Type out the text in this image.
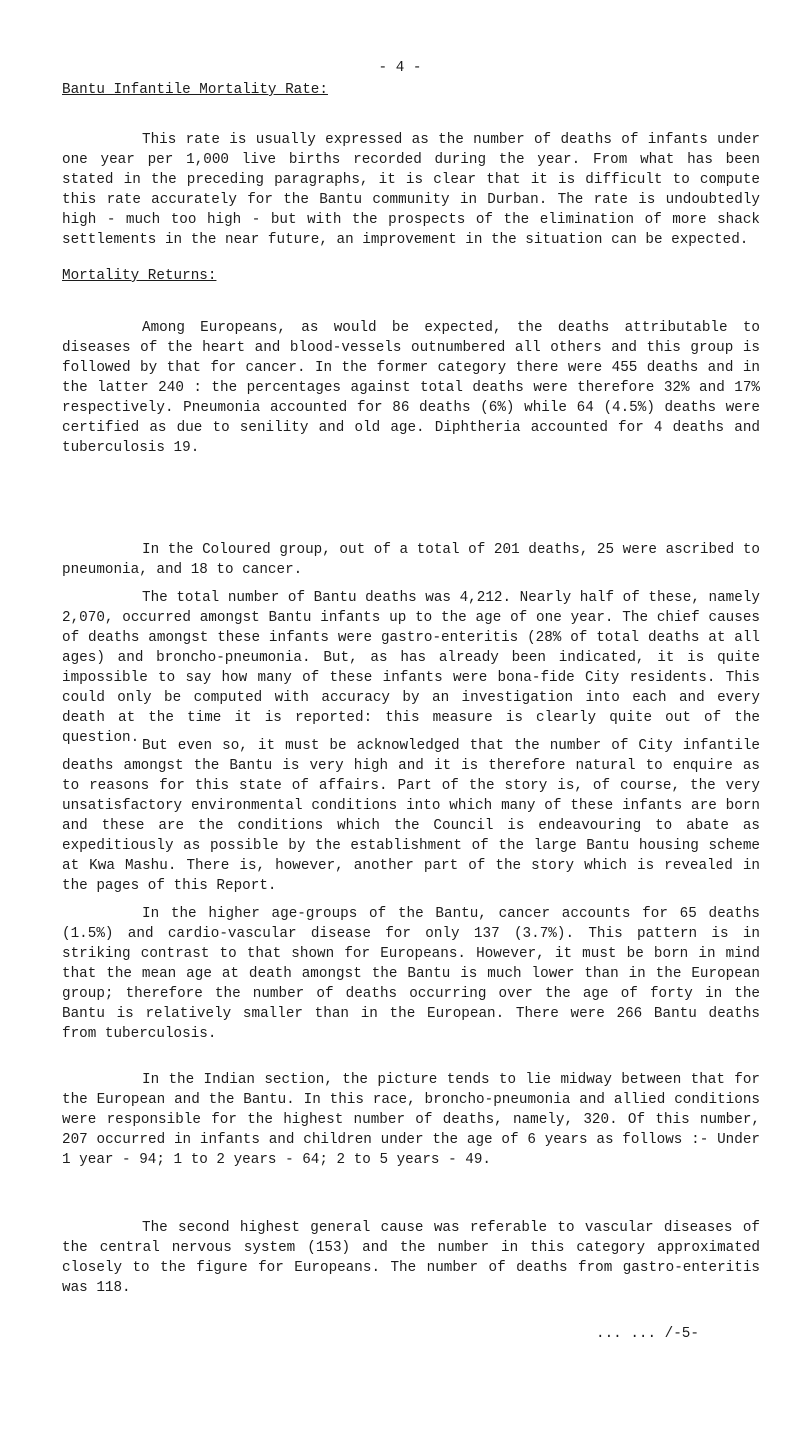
- 4 -
Bantu Infantile Mortality Rate:

This rate is usually expressed as the number of deaths of infants under one year per 1,000 live births recorded during the year. From what has been stated in the preceding paragraphs, it is clear that it is difficult to compute this rate accurately for the Bantu community in Durban. The rate is undoubtedly high - much too high - but with the prospects of the elimination of more shack settlements in the near future, an improvement in the situation can be expected.

Mortality Returns:

Among Europeans, as would be expected, the deaths attributable to diseases of the heart and blood-vessels outnumbered all others and this group is followed by that for cancer. In the former category there were 455 deaths and in the latter 240 : the percentages against total deaths were therefore 32% and 17% respectively. Pneumonia accounted for 86 deaths (6%) while 64 (4.5%) deaths were certified as due to senility and old age. Diphtheria accounted for 4 deaths and tuberculosis 19.

In the Coloured group, out of a total of 201 deaths, 25 were ascribed to pneumonia, and 18 to cancer.

The total number of Bantu deaths was 4,212. Nearly half of these, namely 2,070, occurred amongst Bantu infants up to the age of one year. The chief causes of deaths amongst these infants were gastro-enteritis (28% of total deaths at all ages) and broncho-pneumonia. But, as has already been indicated, it is quite impossible to say how many of these infants were bona-fide City residents. This could only be computed with accuracy by an investigation into each and every death at the time it is reported: this measure is clearly quite out of the question. But even so, it must be acknowledged that the number of City infantile deaths amongst the Bantu is very high and it is therefore natural to enquire as to reasons for this state of affairs. Part of the story is, of course, the very unsatisfactory environmental conditions into which many of these infants are born and these are the conditions which the Council is endeavouring to abate as expeditiously as possible by the establishment of the large Bantu housing scheme at Kwa Mashu. There is, however, another part of the story which is revealed in the pages of this Report.

In the higher age-groups of the Bantu, cancer accounts for 65 deaths (1.5%) and cardio-vascular disease for only 137 (3.7%). This pattern is in striking contrast to that shown for Europeans. However, it must be born in mind that the mean age at death amongst the Bantu is much lower than in the European group; therefore the number of deaths occurring over the age of forty in the Bantu is relatively smaller than in the European. There were 266 Bantu deaths from tuberculosis.

In the Indian section, the picture tends to lie midway between that for the European and the Bantu. In this race, broncho-pneumonia and allied conditions were responsible for the highest number of deaths, namely, 320. Of this number, 207 occurred in infants and children under the age of 6 years as follows :- Under 1 year - 94; 1 to 2 years - 64; 2 to 5 years - 49.

The second highest general cause was referable to vascular diseases of the central nervous system (153) and the number in this category approximated closely to the figure for Europeans. The number of deaths from gastro-enteritis was 118.

... ... /-5-
